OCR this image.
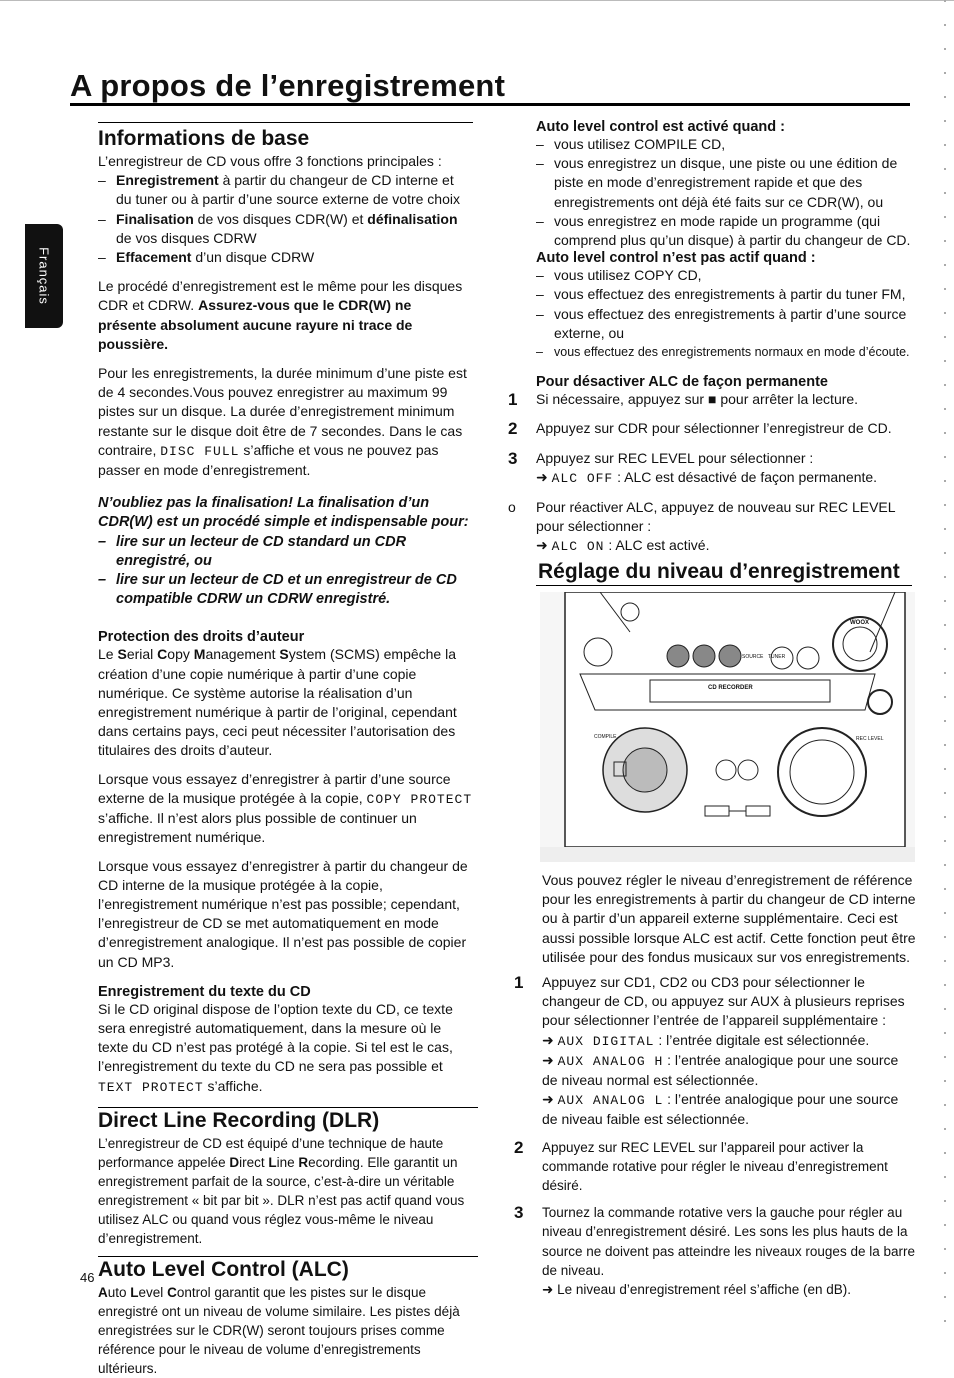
A propos de l’enregistrement
Français
Informations de base

L’enregistreur de CD vous offre 3 fonctions principales :

– Enregistrement à partir du changeur de CD interne et du tuner ou à partir d’une source externe de votre choix
– Finalisation de vos disques CDR(W) et définalisation de vos disques CDRW
– Effacement d’un disque CDRW

Le procédé d’enregistrement est le même pour les disques CDR et CDRW. Assurez-vous que le CDR(W) ne présente absolument aucune rayure ni trace de poussière.

Pour les enregistrements, la durée minimum d’une piste est de 4 secondes.Vous pouvez enregistrer au maximum 99 pistes sur un disque. La durée d’enregistrement minimum restante sur le disque doit être de 7 secondes. Dans le cas contraire, DISC FULL s’affiche et vous ne pouvez pas passer en mode d’enregistrement.

N’oubliez pas la finalisation! La finalisation d’un CDR(W) est un procédé simple et indispensable pour:
– lire sur un lecteur de CD standard un CDR enregistré, ou
– lire sur un lecteur de CD et un enregistreur de CD compatible CDRW un CDRW enregistré.
Protection des droits d’auteur

Le Serial Copy Management System (SCMS) empêche la création d’une copie numérique à partir d’une copie numérique. Ce système autorise la réalisation d’un enregistrement numérique à partir de l’original, cependant dans certains pays, ceci peut nécessiter l’autorisation des titulaires des droits d’auteur.

Lorsque vous essayez d’enregistrer à partir d’une source externe de la musique protégée à la copie, COPY PROTECT s’affiche. Il n’est alors plus possible de continuer un enregistrement numérique.

Lorsque vous essayez d’enregistrer à partir du changeur de CD interne de la musique protégée à la copie, l’enregistrement numérique n’est pas possible; cependant, l’enregistreur de CD se met automatiquement en mode d’enregistrement analogique. Il n’est pas possible de copier un CD MP3.

Enregistrement du texte du CD

Si le CD original dispose de l’option texte du CD, ce texte sera enregistré automatiquement, dans la mesure où le texte du CD n’est pas protégé à la copie. Si tel est le cas, l’enregistrement du texte du CD ne sera pas possible et TEXT PROTECT s’affiche.

Direct Line Recording (DLR)

L’enregistreur de CD est équipé d’une technique de haute performance appelée Direct Line Recording. Elle garantit un enregistrement parfait de la source, c’est-à-dire un véritable enregistrement « bit par bit ». DLR n’est pas actif quand vous utilisez ALC ou quand vous réglez vous-même le niveau d’enregistrement.

Auto Level Control (ALC)

Auto Level Control garantit que les pistes sur le disque enregistré ont un niveau de volume similaire. Les pistes déjà enregistrées sur le CDR(W) seront toujours prises comme référence pour le niveau de volume d’enregistrements ultérieurs.

Auto level control est activé quand :
– vous utilisez COMPILE CD,
– vous enregistrez un disque, une piste ou une édition de piste en mode d’enregistrement rapide et que des enregistrements ont déjà été faits sur ce CDR(W), ou
– vous enregistrez en mode rapide un programme (qui comprend plus qu’un disque) à partir du changeur de CD.
Auto level control n’est pas actif quand :
– vous utilisez COPY CD,
– vous effectuez des enregistrements à partir du tuner FM,
– vous effectuez des enregistrements à partir d’une source externe, ou
– vous effectuez des enregistrements normaux en mode d’écoute.
Pour désactiver ALC de façon permanente
1 Si nécessaire, appuyez sur ■ pour arrêter la lecture.
2 Appuyez sur CDR pour sélectionner l’enregistreur de CD.
3 Appuyez sur REC LEVEL pour sélectionner :
➜ ALC OFF : ALC est désactivé de façon permanente.
o Pour réactiver ALC, appuyez de nouveau sur REC LEVEL pour sélectionner :
➜ ALC ON : ALC est activé.
Réglage du niveau d’enregistrement
CD RECORDER
SOURCE TUNER
WOOX
COMPILE	REC LEVEL

Vous pouvez régler le niveau d’enregistrement de référence pour les enregistrements à partir du changeur de CD interne ou à partir d’un appareil externe supplémentaire. Ceci est aussi possible lorsque ALC est actif. Cette fonction peut être utilisée pour des fondus musicaux sur vos enregistrements.

1 Appuyez sur CD1, CD2 ou CD3 pour sélectionner le changeur de CD, ou appuyez sur AUX à plusieurs reprises pour sélectionner l’entrée de l’appareil supplémentaire :
➜ AUX DIGITAL : l’entrée digitale est sélectionnée.
➜ AUX ANALOG H : l’entrée analogique pour une source de niveau normal est sélectionnée.
➜ AUX ANALOG L : l’entrée analogique pour une source de niveau faible est sélectionnée.
2 Appuyez sur REC LEVEL sur l’appareil pour activer la commande rotative pour régler le niveau d’enregistrement désiré.
3 Tournez la commande rotative vers la gauche pour régler au niveau d’enregistrement désiré. Les sons les plus hauts de la source ne doivent pas atteindre les niveaux rouges de la barre de niveau.
➜ Le niveau d’enregistrement réel s’affiche (en dB).
46
